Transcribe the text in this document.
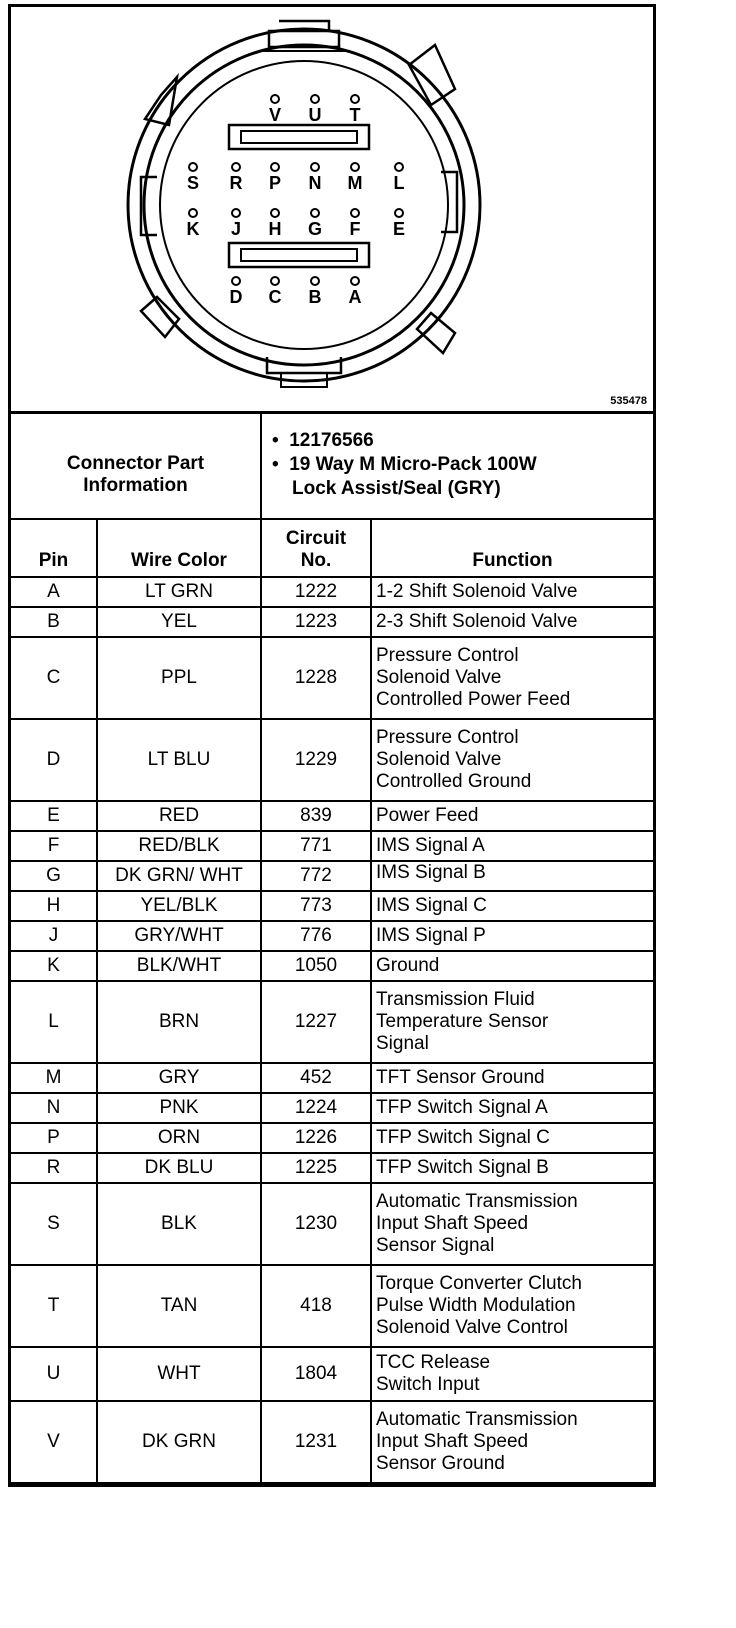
V U T
S R P N M L
K J H G F E
D C B A
535478
Connector Part
Information		•  12176566
•  19 Way M Micro-Pack 100W
Lock Assist/Seal (GRY)	

Pin	Wire Color	Circuit
No.	Function
A	LT GRN	1222	1-2 Shift Solenoid Valve

B	YEL	1223	2-3 Shift Solenoid Valve

C	PPL	1228	Pressure Control
Solenoid Valve
Controlled Power Feed

D	LT BLU	1229	Pressure Control
Solenoid Valve
Controlled Ground

E	RED	839	Power Feed

F	RED/BLK	771	IMS Signal A

G	DK GRN/ WHT	772	IMS Signal B

H	YEL/BLK	773	IMS Signal C

J	GRY/WHT	776	IMS Signal P

K	BLK/WHT	1050	Ground

L	BRN	1227	Transmission Fluid
Temperature Sensor
Signal

M	GRY	452	TFT Sensor Ground

N	PNK	1224	TFP Switch Signal A

P	ORN	1226	TFP Switch Signal C

R	DK BLU	1225	TFP Switch Signal B

S	BLK	1230	Automatic Transmission
Input Shaft Speed
Sensor Signal

T	TAN	418	Torque Converter Clutch
Pulse Width Modulation
Solenoid Valve Control

U	WHT	1804	TCC Release
Switch Input

V	DK GRN	1231	Automatic Transmission
Input Shaft Speed
Sensor Ground
